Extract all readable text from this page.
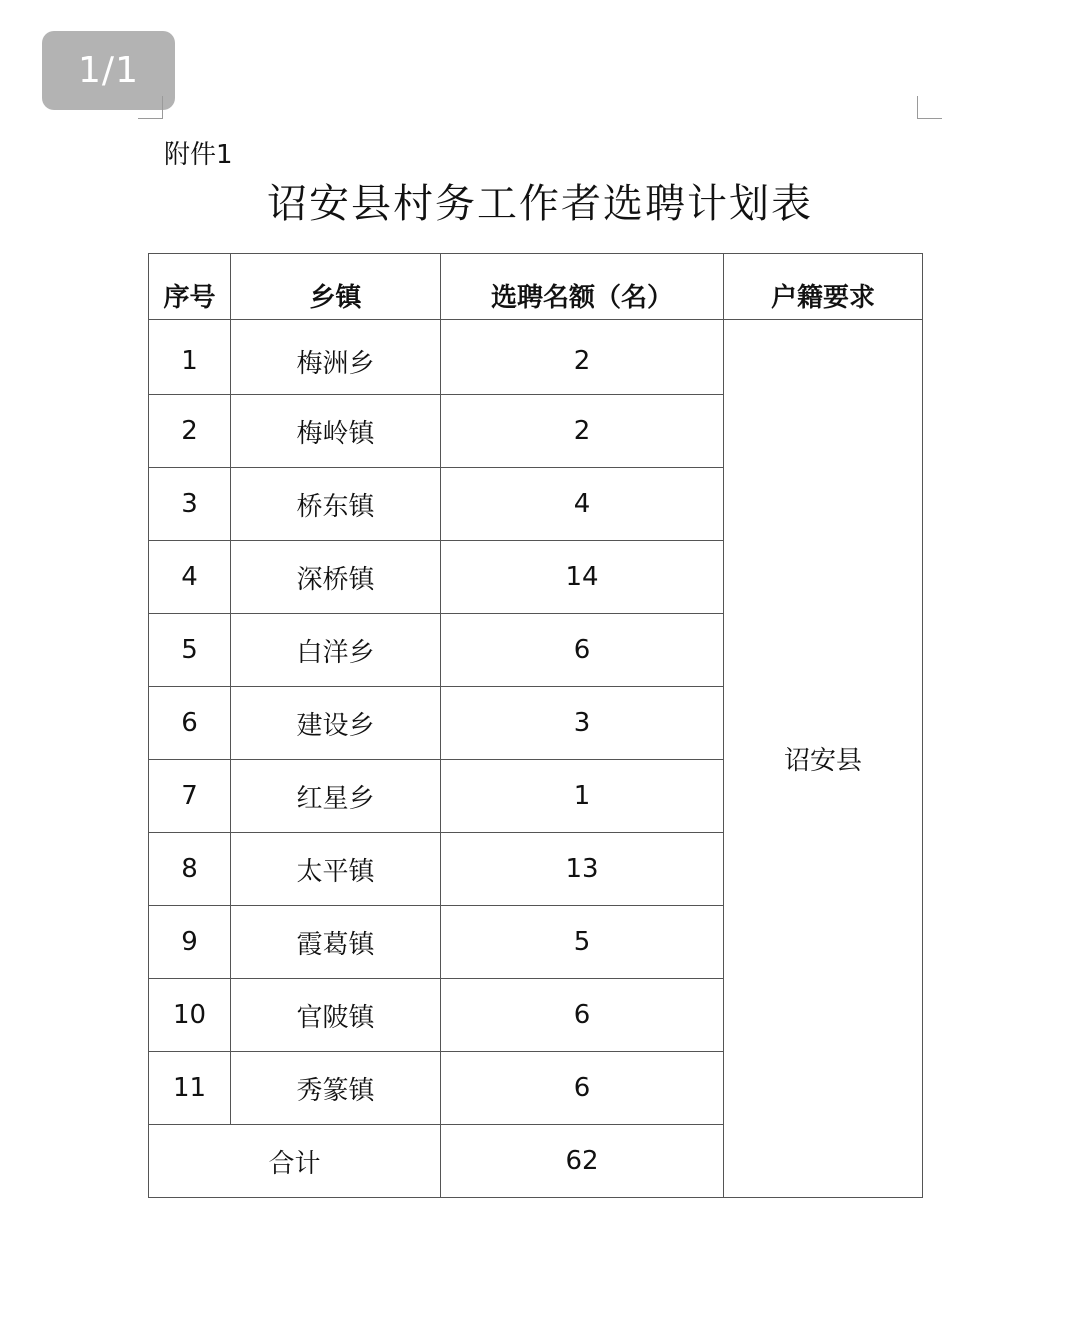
1/1
附件1
诏安县村务工作者选聘计划表
序号	乡镇	选聘名额（名）	户籍要求
1	梅洲乡	2	诏安县
2	梅岭镇	2	
3	桥东镇	4	
4	深桥镇	14	
5	白洋乡	6	
6	建设乡	3	
7	红星乡	1	
8	太平镇	13	
9	霞葛镇	5	
10	官陂镇	6	
11	秀篆镇	6	
合计		62	
